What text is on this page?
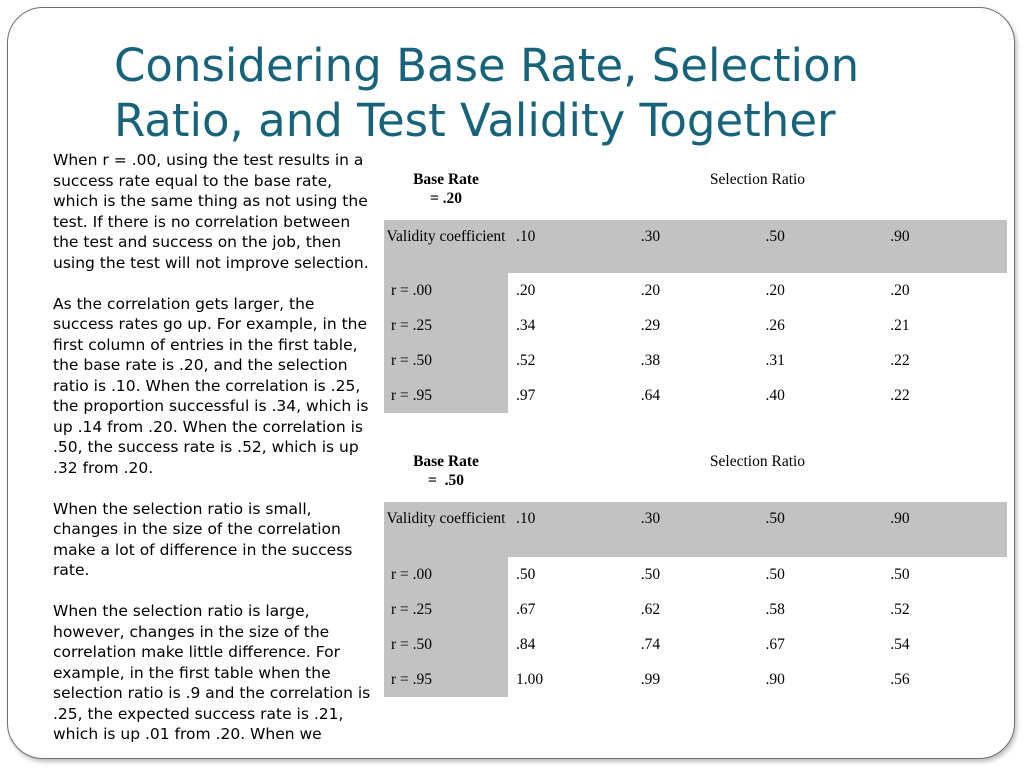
Considering Base Rate, Selection
Ratio, and Test Validity Together

When r = .00, using the test results in a success rate equal to the base rate, which is the same thing as not using the test. If there is no correlation between the test and success on the job, then using the test will not improve selection.

As the correlation gets larger, the success rates go up. For example, in the first column of entries in the first table, the base rate is .20, and the selection ratio is .10. When the correlation is .25, the proportion successful is .34, which is up .14 from .20. When the correlation is .50, the success rate is .52, which is up .32 from .20.

When the selection ratio is small, changes in the size of the correlation make a lot of difference in the success rate.

When the selection ratio is large, however, changes in the size of the correlation make little difference. For example, in the first table when the selection ratio is .9 and the correlation is .25, the expected success rate is .21, which is up .01 from .20. When we

Base Rate
= .20
Selection Ratio
Validity coefficient .10	.30	.50	.90
r = .00	.20	.20	.20	.20
r = .25	.34	.29	.26	.21
r = .50	.52	.38	.31	.22
r = .95	.97	.64	.40	.22
Base Rate
=  .50
Selection Ratio
Validity coefficient .10	.30	.50	.90
r = .00	.50	.50	.50	.50
r = .25	.67	.62	.58	.52
r = .50	.84	.74	.67	.54
r = .95	1.00	.99	.90	.56
